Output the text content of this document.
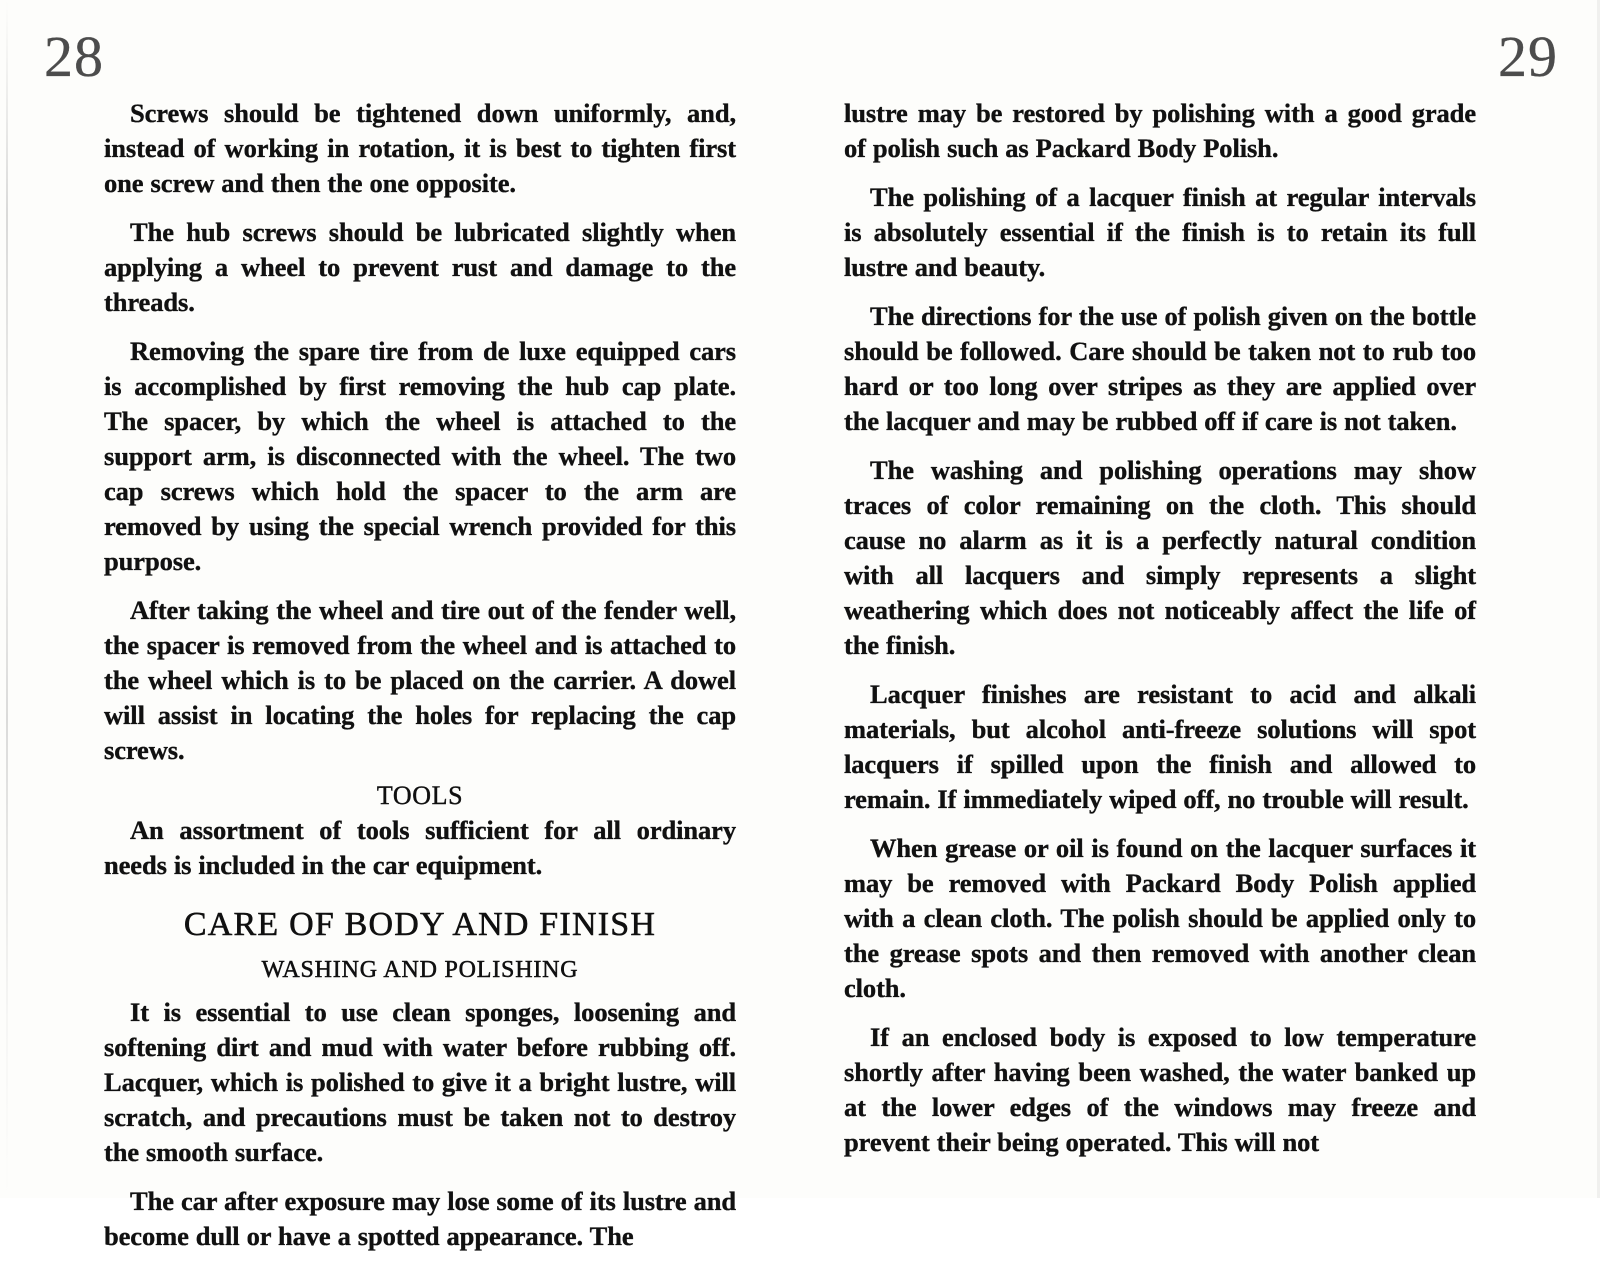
28	29

Screws should be tightened down uniformly, and, instead of working in rotation, it is best to tighten first one screw and then the one opposite.

The hub screws should be lubricated slightly when applying a wheel to prevent rust and damage to the threads.

Removing the spare tire from de luxe equipped cars is accomplished by first removing the hub cap plate. The spacer, by which the wheel is attached to the support arm, is disconnected with the wheel. The two cap screws which hold the spacer to the arm are removed by using the special wrench provided for this purpose.

After taking the wheel and tire out of the fender well, the spacer is removed from the wheel and is attached to the wheel which is to be placed on the carrier. A dowel will assist in locating the holes for replacing the cap screws.

TOOLS

An assortment of tools sufficient for all ordinary needs is included in the car equipment.

CARE OF BODY AND FINISH
WASHING AND POLISHING

It is essential to use clean sponges, loosening and softening dirt and mud with water before rubbing off. Lacquer, which is polished to give it a bright lustre, will scratch, and precautions must be taken not to destroy the smooth surface.

The car after exposure may lose some of its lustre and become dull or have a spotted appearance. The

lustre may be restored by polishing with a good grade of polish such as Packard Body Polish.

The polishing of a lacquer finish at regular intervals is absolutely essential if the finish is to retain its full lustre and beauty.

The directions for the use of polish given on the bottle should be followed. Care should be taken not to rub too hard or too long over stripes as they are applied over the lacquer and may be rubbed off if care is not taken.

The washing and polishing operations may show traces of color remaining on the cloth. This should cause no alarm as it is a perfectly natural condition with all lacquers and simply represents a slight weathering which does not noticeably affect the life of the finish.

Lacquer finishes are resistant to acid and alkali materials, but alcohol anti-freeze solutions will spot lacquers if spilled upon the finish and allowed to remain. If immediately wiped off, no trouble will result.

When grease or oil is found on the lacquer surfaces it may be removed with Packard Body Polish applied with a clean cloth. The polish should be applied only to the grease spots and then removed with another clean cloth.

If an enclosed body is exposed to low temperature shortly after having been washed, the water banked up at the lower edges of the windows may freeze and prevent their being operated. This will not
